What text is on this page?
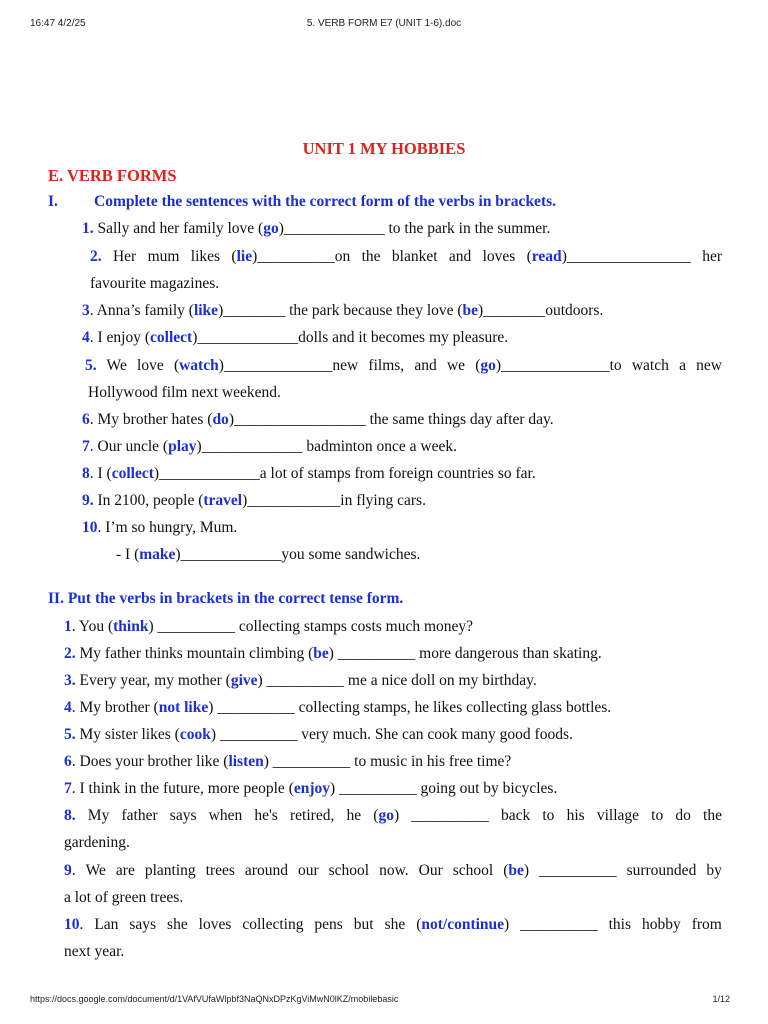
16:47 4/2/25	5. VERB FORM E7 (UNIT 1-6).doc
UNIT 1 MY HOBBIES
E. VERB FORMS
I. Complete the sentences with the correct form of the verbs in brackets.
1. Sally and her family love (go)_____________ to the park in the summer.
2. Her mum likes (lie)__________on the blanket and loves (read)________________ her
favourite magazines.
3. Anna’s family (like)________ the park because they love (be)________outdoors.
4. I enjoy (collect)_____________dolls and it becomes my pleasure.
5. We love (watch)______________new films, and we (go)______________to watch a new
Hollywood film next weekend.
6. My brother hates (do)_________________ the same things day after day.
7. Our uncle (play)_____________ badminton once a week.
8. I (collect)_____________a lot of stamps from foreign countries so far.
9. In 2100, people (travel)____________in flying cars.
10. I’m so hungry, Mum.
- I (make)_____________you some sandwiches.
II. Put the verbs in brackets in the correct tense form.
1. You (think) __________ collecting stamps costs much money?
2. My father thinks mountain climbing (be) __________ more dangerous than skating.
3. Every year, my mother (give) __________ me a nice doll on my birthday.
4. My brother (not like) __________ collecting stamps, he likes collecting glass bottles.
5. My sister likes (cook) __________ very much. She can cook many good foods.
6. Does your brother like (listen) __________ to music in his free time?
7. I think in the future, more people (enjoy) __________ going out by bicycles.
8. My father says when he's retired, he (go) __________ back to his village to do the
gardening.
9. We are planting trees around our school now. Our school (be) __________ surrounded by
a lot of green trees.
10. Lan says she loves collecting pens but she (not/continue) __________ this hobby from
next year.
https://docs.google.com/document/d/1VAfVUfaWlpbf3NaQNxDPzKgViMwN0lKZ/mobilebasic	1/12
